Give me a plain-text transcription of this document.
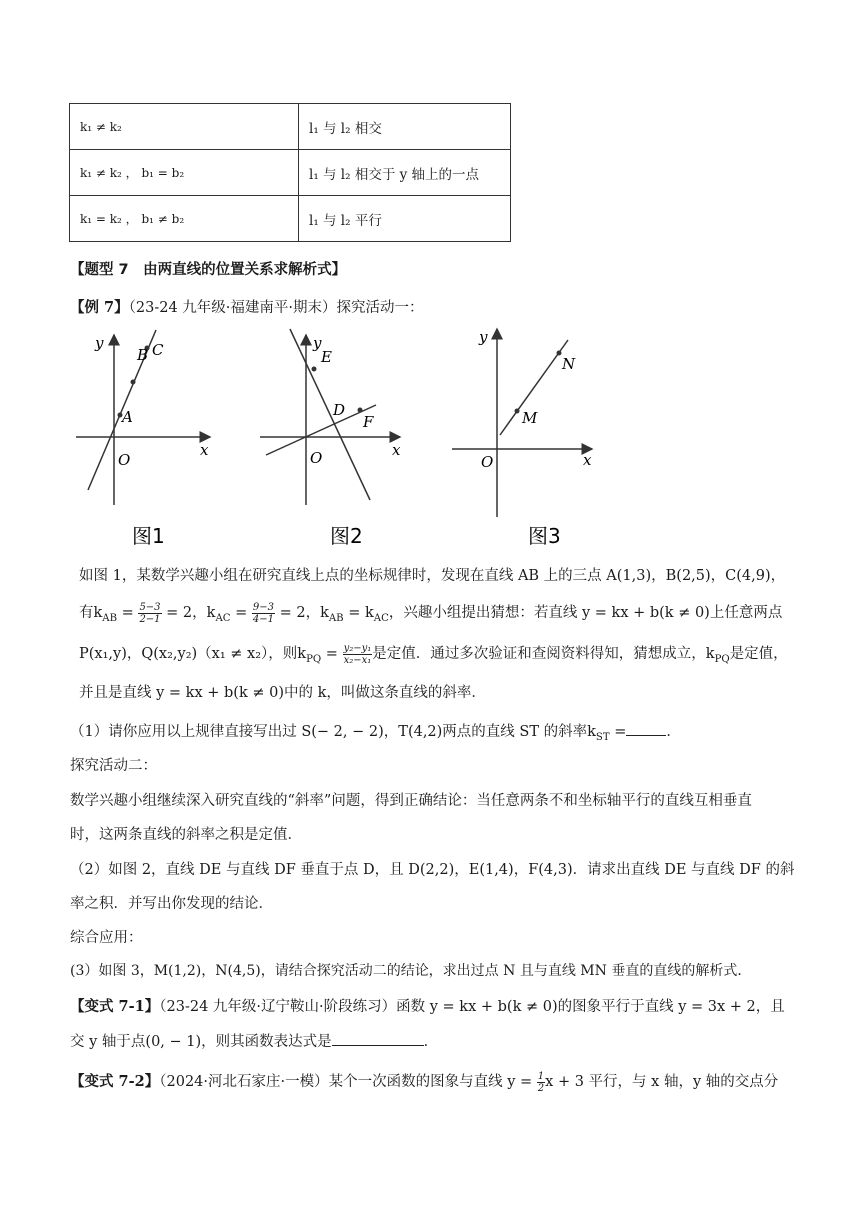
k₁ ≠ k₂	l₁ 与 l₂ 相交
k₁ ≠ k₂ ， b₁ = b₂	l₁ 与 l₂ 相交于 y 轴上的一点
k₁ = k₂ ， b₁ ≠ b₂	l₁ 与 l₂ 平行
【题型 7　由两直线的位置关系求解析式】
【例 7】（23-24 九年级·福建南平·期末）探究活动一：
A
B C
y
x
O
图1
E
D
F
y
x
O
图2
M
N
y
x
O
图3
如图 1，某数学兴趣小组在研究直线上点的坐标规律时，发现在直线 AB 上的三点 A(1,3)，B(2,5)，C(4,9)，
有$k_{AB} = \frac{5-3}{2-1} = 2$，$k_{AC} = \frac{9-3}{4-1} = 2$，$k_{AB} = k_{AC}$，兴趣小组提出猜想：若直线 y = kx + b(k ≠ 0)上任意两点
P(x₁,y)，Q(x₂,y₂)（x₁ ≠ x₂），则$k_{PQ} = \frac{\text{y₂−y₁}}{\text{x₂−x₁}}$ 是定值．通过多次验证和查阅资料得知，猜想成立，$k_{PQ}$是定值，
并且是直线 y = kx + b(k ≠ 0)中的 k，叫做这条直线的斜率．
（1）请你应用以上规律直接写出过 S(− 2, − 2)，T(4,2)两点的直线 ST 的斜率$k_{ST}$ =	．
探究活动二：
数学兴趣小组继续深入研究直线的“斜率”问题，得到正确结论：当任意两条不和坐标轴平行的直线互相垂直
时，这两条直线的斜率之积是定值．
（2）如图 2，直线 DE 与直线 DF 垂直于点 D，且 D(2,2)，E(1,4)，F(4,3)．请求出直线 DE 与直线 DF 的斜
率之积．并写出你发现的结论．
综合应用：
(3）如图 3，M(1,2)，N(4,5)，请结合探究活动二的结论，求出过点 N 且与直线 MN 垂直的直线的解析式．
【变式 7-1】（23-24 九年级·辽宁鞍山·阶段练习）函数 y = kx + b(k ≠ 0)的图象平行于直线 y = 3x + 2，且
交 y 轴于点(0, − 1)，则其函数表达式是	．
【变式 7-2】（2024·河北石家庄·一模）某个一次函数的图象与直线 $y = \frac{1}{2}$ x + 3 平行，与 x 轴，y 轴的交点分
